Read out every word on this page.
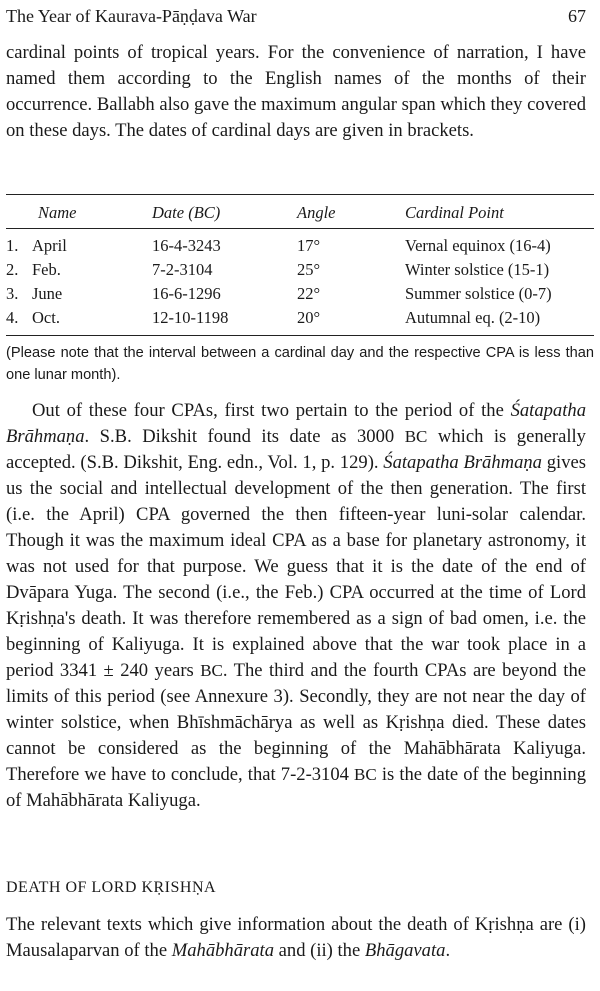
The Year of Kaurava-Pāṇḍava War	67

cardinal points of tropical years. For the convenience of narration, I have named them according to the English names of the months of their occurrence. Ballabh also gave the maximum angular span which they covered on these days. The dates of cardinal days are given in brackets.

Name		Date (BC)	Angle	Cardinal Point
1.	April	16-4-3243	17°	Vernal equinox (16-4)
2.	Feb.	7-2-3104	25°	Winter solstice (15-1)
3.	June	16-6-1296	22°	Summer solstice (0-7)
4.	Oct.	12-10-1198	20°	Autumnal eq. (2-10)

(Please note that the interval between a cardinal day and the respective CPA is less than one lunar month).

Out of these four CPAs, first two pertain to the period of the Śatapatha Brāhmaṇa. S.B. Dikshit found its date as 3000 BC which is generally accepted. (S.B. Dikshit, Eng. edn., Vol. 1, p. 129). Śatapatha Brāhmaṇa gives us the social and intellectual development of the then generation. The first (i.e. the April) CPA governed the then fifteen-year luni-solar calendar. Though it was the maximum ideal CPA as a base for planetary astronomy, it was not used for that purpose. We guess that it is the date of the end of Dvāpara Yuga. The second (i.e., the Feb.) CPA occurred at the time of Lord Kṛishṇa's death. It was therefore remembered as a sign of bad omen, i.e. the beginning of Kaliyuga. It is explained above that the war took place in a period 3341 ± 240 years BC. The third and the fourth CPAs are beyond the limits of this period (see Annexure 3). Secondly, they are not near the day of winter solstice, when Bhīshmāchārya as well as Kṛishṇa died. These dates cannot be considered as the beginning of the Mahābhārata Kaliyuga. Therefore we have to conclude, that 7-2-3104 BC is the date of the beginning of Mahābhārata Kaliyuga.

DEATH OF LORD KṚISHṆA

The relevant texts which give information about the death of Kṛishṇa are (i) Mausalaparvan of the Mahābhārata and (ii) the Bhāgavata.
